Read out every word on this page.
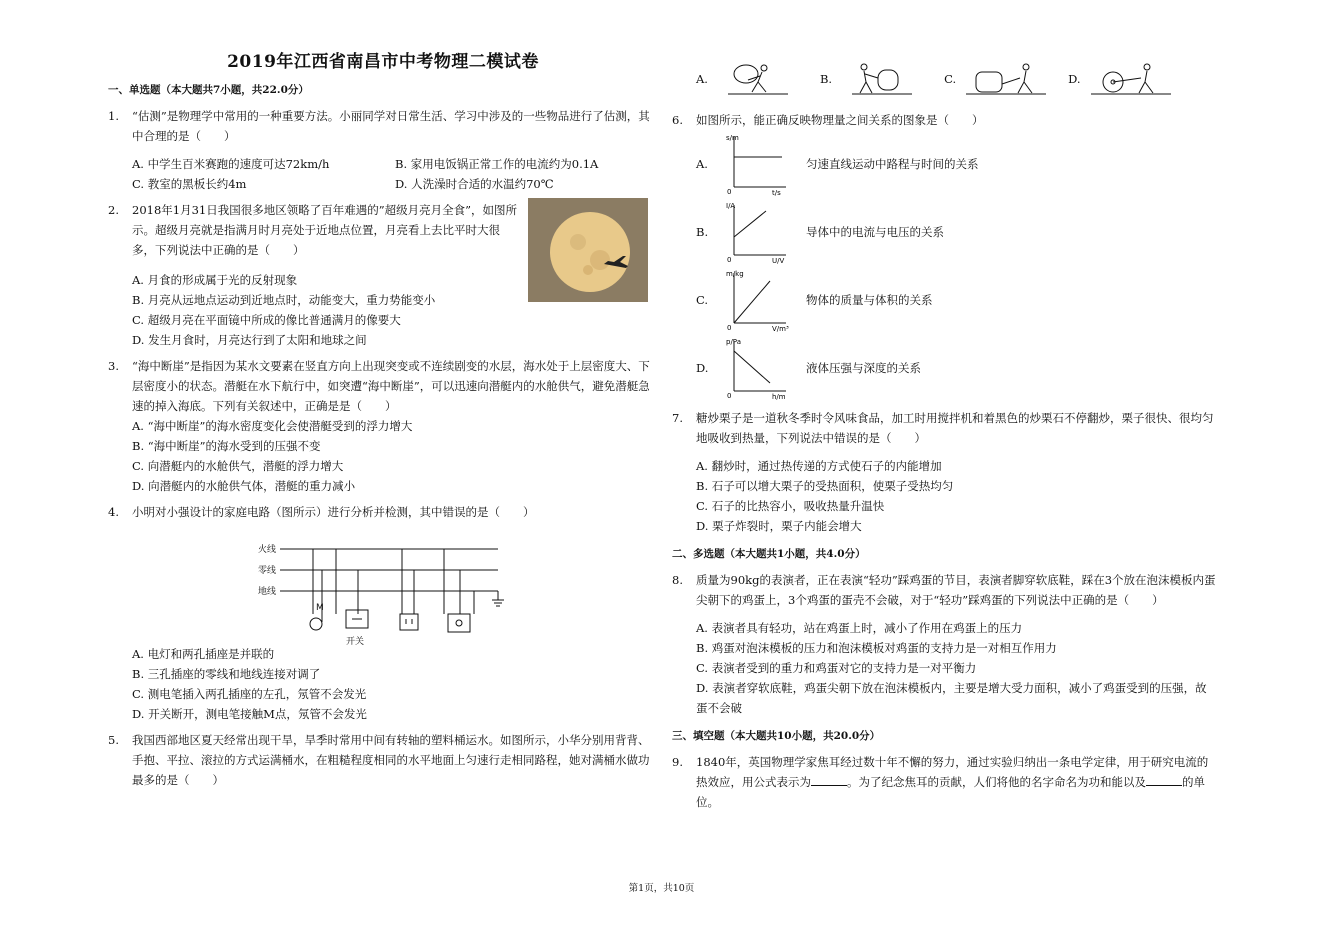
2019年江西省南昌市中考物理二模试卷
一、单选题（本大题共7小题，共22.0分）
1.	“估测”是物理学中常用的一种重要方法。小丽同学对日常生活、学习中涉及的一些物品进行了估测，其中合理的是（　　）
A. 中学生百米赛跑的速度可达72km/h	B. 家用电饭锅正常工作的电流约为0.1A
C. 教室的黑板长约4m	D. 人洗澡时合适的水温约70℃
2.	2018年1月31日我国很多地区领略了百年难遇的”超级月亮月全食”，如图所示。超级月亮就是指满月时月亮处于近地点位置，月亮看上去比平时大很多，下列说法中正确的是（　　）
A. 月食的形成属于光的反射现象
B. 月亮从远地点运动到近地点时，动能变大，重力势能变小
C. 超级月亮在平面镜中所成的像比普通满月的像要大
D. 发生月食时，月亮达行到了太阳和地球之间
3.	“海中断崖”是指因为某水文要素在竖直方向上出现突变或不连续剧变的水层，海水处于上层密度大、下层密度小的状态。潜艇在水下航行中，如突遭“海中断崖”，可以迅速向潜艇内的水舱供气，避免潜艇急速的掉入海底。下列有关叙述中，正确是是（　　）
A. “海中断崖”的海水密度变化会使潜艇受到的浮力增大
B. “海中断崖”的海水受到的压强不变
C. 向潜艇内的水舱供气，潜艇的浮力增大
D. 向潜艇内的水舱供气体，潜艇的重力减小
4.	小明对小强设计的家庭电路（图所示）进行分析并检测，其中错误的是（　　）
火线
零线
地线
M
开关
A. 电灯和两孔插座是并联的
B. 三孔插座的零线和地线连接对调了
C. 测电笔插入两孔插座的左孔，氖管不会发光
D. 开关断开，测电笔接触M点，氖管不会发光
5.	我国西部地区夏天经常出现干旱，旱季时常用中间有转轴的塑料桶运水。如图所示，小华分别用背背、手抱、平拉、滚拉的方式运满桶水，在粗糙程度相同的水平地面上匀速行走相同路程，她对满桶水做功最多的是（　　）
A.	B.	C.	D.
6.	如图所示，能正确反映物理量之间关系的图象是（　　）
A.
s/m
t/s
0
匀速直线运动中路程与时间的关系
B.
I/A
U/V
0
导体中的电流与电压的关系
C.
m/kg
V/m³
0
物体的质量与体积的关系
D.
p/Pa
h/m
0
液体压强与深度的关系
7.	糖炒栗子是一道秋冬季时令风味食品，加工时用搅拌机和着黑色的炒栗石不停翻炒，栗子很快、很均匀地吸收到热量，下列说法中错误的是（　　）
A. 翻炒时，通过热传递的方式使石子的内能增加
B. 石子可以增大栗子的受热面积，使栗子受热均匀
C. 石子的比热容小，吸收热量升温快
D. 栗子炸裂时，栗子内能会增大
二、多选题（本大题共1小题，共4.0分）
8.	质量为90kg的表演者，正在表演“轻功”踩鸡蛋的节目，表演者脚穿软底鞋，踩在3个放在泡沫模板内蛋尖朝下的鸡蛋上，3个鸡蛋的蛋壳不会破，对于“轻功”踩鸡蛋的下列说法中正确的是（　　）
A. 表演者具有轻功，站在鸡蛋上时，减小了作用在鸡蛋上的压力
B. 鸡蛋对泡沫模板的压力和泡沫模板对鸡蛋的支持力是一对相互作用力
C. 表演者受到的重力和鸡蛋对它的支持力是一对平衡力
D. 表演者穿软底鞋，鸡蛋尖朝下放在泡沫模板内，主要是增大受力面积，减小了鸡蛋受到的压强，故蛋不会破
三、填空题（本大题共10小题，共20.0分）
9.	1840年，英国物理学家焦耳经过数十年不懈的努力，通过实验归纳出一条电学定律，用于研究电流的热效应，用公式表示为	。为了纪念焦耳的贡献，人们将他的名字命名为功和能以及	的单位。
第1页，共10页
